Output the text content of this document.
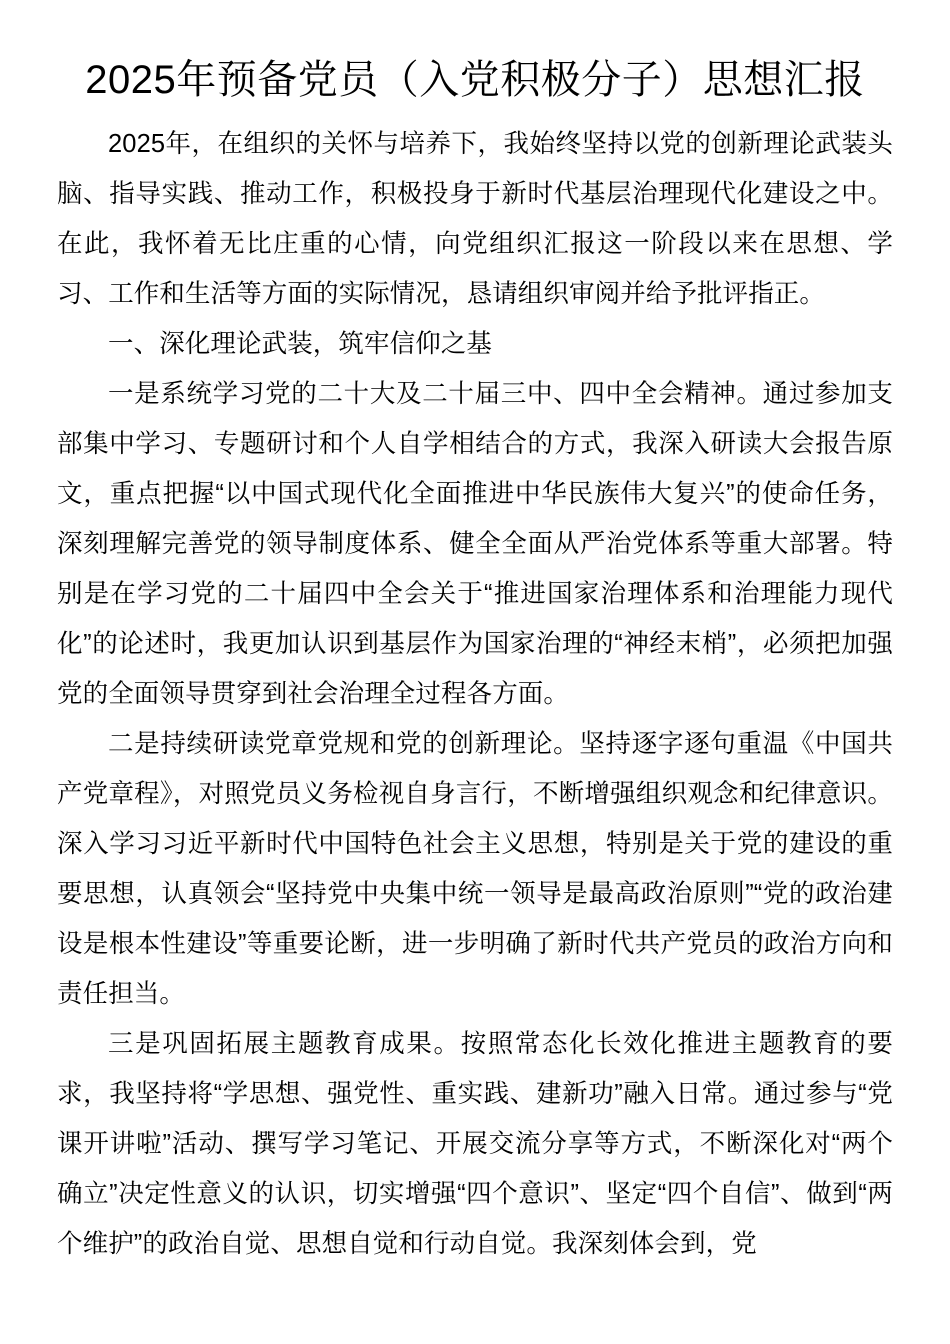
2025年预备党员（入党积极分子）思想汇报

2025年，在组织的关怀与培养下，我始终坚持以党的创新理论武装头脑、指导实践、推动工作，积极投身于新时代基层治理现代化建设之中。在此，我怀着无比庄重的心情，向党组织汇报这一阶段以来在思想、学习、工作和生活等方面的实际情况，恳请组织审阅并给予批评指正。

一、深化理论武装，筑牢信仰之基

一是系统学习党的二十大及二十届三中、四中全会精神。通过参加支部集中学习、专题研讨和个人自学相结合的方式，我深入研读大会报告原文，重点把握“以中国式现代化全面推进中华民族伟大复兴”的使命任务，深刻理解完善党的领导制度体系、健全全面从严治党体系等重大部署。特别是在学习党的二十届四中全会关于“推进国家治理体系和治理能力现代化”的论述时，我更加认识到基层作为国家治理的“神经末梢”，必须把加强党的全面领导贯穿到社会治理全过程各方面。

二是持续研读党章党规和党的创新理论。坚持逐字逐句重温《中国共产党章程》，对照党员义务检视自身言行，不断增强组织观念和纪律意识。深入学习习近平新时代中国特色社会主义思想，特别是关于党的建设的重要思想，认真领会“坚持党中央集中统一领导是最高政治原则”“党的政治建设是根本性建设”等重要论断，进一步明确了新时代共产党员的政治方向和责任担当。

三是巩固拓展主题教育成果。按照常态化长效化推进主题教育的要求，我坚持将“学思想、强党性、重实践、建新功”融入日常。通过参与“党课开讲啦”活动、撰写学习笔记、开展交流分享等方式，不断深化对“两个确立”决定性意义的认识，切实增强“四个意识”、坚定“四个自信”、做到“两个维护”的政治自觉、思想自觉和行动自觉。我深刻体会到，党
